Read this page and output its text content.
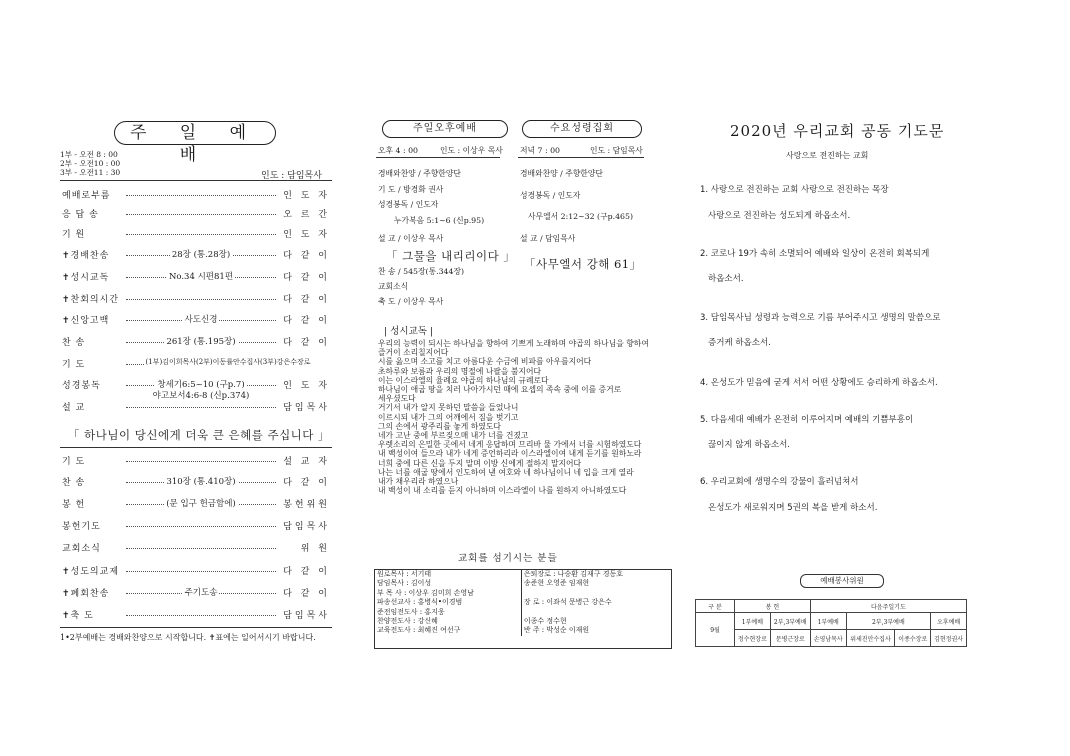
주 일 예 배
1부 - 오전 8 : 00
2부 - 오전10 : 00
3부 - 오전11 : 30	인도 : 담임목사
예배로부름	인 도 자
응 답 송	오 르 간
기 원	인 도 자
✝경배찬송	28장 (통.28장)	다 같 이
✝성시교독	No.34 시편81편	다 같 이
✝찬회의시간	다 같 이
✝신앙고백	사도신경	다 같 이
찬 송	261장 (통.195장)	다 같 이
기 도	(1부)김이희목사(2부)이동률안수집사(3부)강은수장로
성경봉독	창세기6:5~10 (구p.7)	인 도 자
야고보서4:6-8 (신p.374)
설 교	담임목사
「 하나님이 당신에게 더욱 큰 은혜를 주십니다 」
기 도	설 교 자
찬 송	310장 (통.410장)	다 같 이
봉 헌	(문 입구 헌금함에)	봉헌위원
봉헌기도	담임목사
교회소식	위 원
✝성도의교제	다 같 이
✝폐회찬송	주기도송	다 같 이
✝축 도	담임목사
1•2부예배는 경배와찬양으로 시작합니다. ✝표에는 일어서시기 바랍니다.
주일오후예배	수요성령집회
오후 4 : 00	인도 : 이상우 목사 저녁 7 : 00	인도 : 담임목사
경배와찬양 / 주향한양단
기 도 / 방경화 권사
성경봉독 / 인도자
누가복음 5:1~6 (신p.95)
설 교 / 이상우 목사
「 그물을 내리리이다 」
찬 송 / 545장(통.344장)
교회소식
축 도 / 이상우 목사
경배와찬양 / 주향한양단
성경봉독 / 인도자
사무엘서 2:12~32 (구p.465)
설 교 / 담임목사
「사무엘서 강해 61」
| 성시교독 |
우리의 능력이 되시는 하나님을 향하여 기쁘게 노래하며 야곱의 하나님을 향하여
즐거이 소리칠지어다
시를 읊으며 소고를 치고 아름다운 수금에 비파를 아우를지어다
초하루와 보름과 우리의 명절에 나팔을 불지어다
이는 이스라엘의 율례요 야곱의 하나님의 규례로다
하나님이 애굽 땅을 치러 나아가시던 때에 요셉의 족속 중에 이를 증거로
세우셨도다
거기서 내가 알지 못하던 말씀을 들었나니
이르시되 내가 그의 어깨에서 짐을 벗기고
그의 손에서 광주리를 놓게 하였도다
네가 고난 중에 부르짖으매 내가 너를 건졌고
우렛소리의 은밀한 곳에서 네게 응답하며 므리바 물 가에서 너를 시험하였도다
내 백성이여 들으라 내가 네게 증언하리라 이스라엘이여 내게 듣기를 원하노라
너희 중에 다른 신을 두지 말며 이방 신에게 절하지 말지어다
나는 너를 애굽 땅에서 인도하여 낸 여호와 네 하나님이니 네 입을 크게 열라
내가 채우리라 하였으나
내 백성이 내 소리를 듣지 아니하며 이스라엘이 나를 원하지 아니하였도다
교회를 섬기시는 분들
원로목사 : 서기태	은퇴장로 : 나승환 김재구 경동호
담임목사 : 김이성	송준현 오영준 임재현
부 목 사 : 이상우 김미희 손영남	
파송선교사 : 홍병식•이경범	장 로 : 이좌석 문병근 강은수
준전임전도사 : 홍지웅	
찬양전도사 : 강신혜	이종수 정수현
교육전도사 : 최혜진 여선구	반 주 : 박성순 이재원
2020년 우리교회 공동 기도문
사랑으로 전진하는 교회
1. 사랑으로 전진하는 교회 사랑으로 전진하는 목장
사랑으로 전진하는 성도되게 하옵소서.
2. 코로나 19가 속히 소멸되어 예배와 일상이 온전히 회복되게
하옵소서.
3. 담임목사님 성령과 능력으로 기름 부어주시고 생명의 말씀으로
증거케 하옵소서.
4. 온성도가 믿음에 굳게 서서 어떤 상황에도 승리하게 하옵소서.
5. 다음세대 예배가 온전히 이루어지며 예배의 기쁨부흥이
끊이지 않게 하옵소서.
6. 우리교회에 생명수의 강물이 흘러넘쳐서
온성도가 새로워지며 5권의 복을 받게 하소서.
예배봉사위원
구 분	봉 헌		다음주일기도			
9월	1부예배	2부,3부예배	1부예배	2부,3부예배		오후예배
	정수현장로	문병근장로	손영남목사	위세진안수집사	이종수장로	김현정권사
